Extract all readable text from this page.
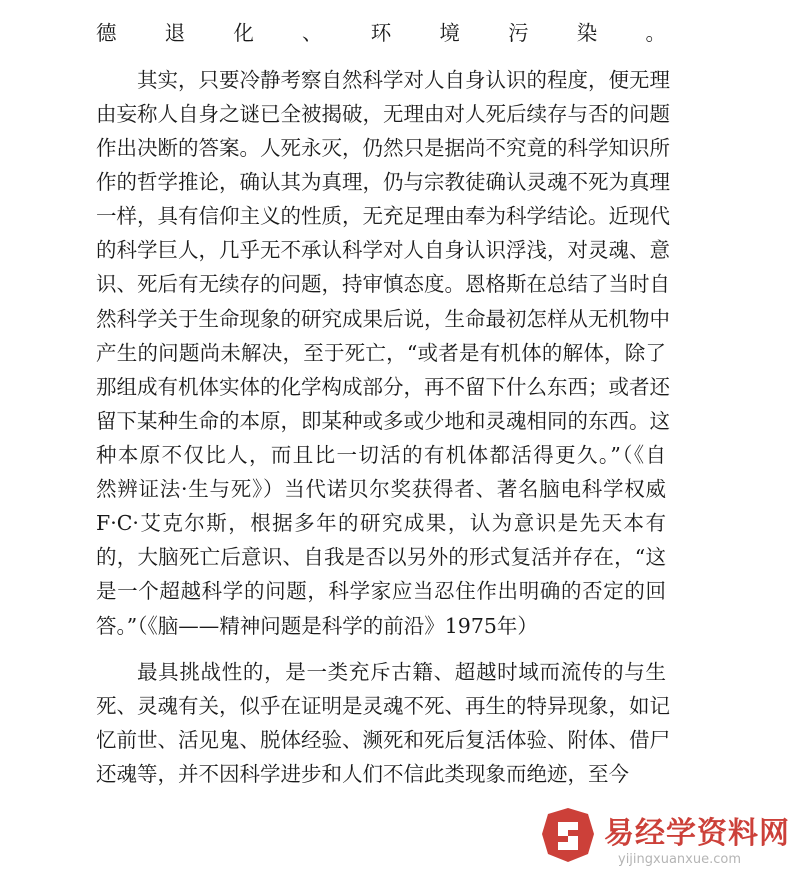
德退化、环境污染。
其实，只要冷静考察自然科学对人自身认识的程度，便无理
由妄称人自身之谜已全被揭破，无理由对人死后续存与否的问题
作出决断的答案。人死永灭，仍然只是据尚不究竟的科学知识所
作的哲学推论，确认其为真理，仍与宗教徒确认灵魂不死为真理
一样，具有信仰主义的性质，无充足理由奉为科学结论。近现代
的科学巨人，几乎无不承认科学对人自身认识浮浅，对灵魂、意
识、死后有无续存的问题，持审慎态度。恩格斯在总结了当时自
然科学关于生命现象的研究成果后说，生命最初怎样从无机物中
产生的问题尚未解决，至于死亡，“或者是有机体的解体，除了
那组成有机体实体的化学构成部分，再不留下什么东西；或者还
留下某种生命的本原，即某种或多或少地和灵魂相同的东西。这
种本原不仅比人，而且比一切活的有机体都活得更久。”（《自
然辨证法·生与死》）当代诺贝尔奖获得者、著名脑电科学权威
F·C·艾克尔斯，根据多年的研究成果，认为意识是先天本有
的，大脑死亡后意识、自我是否以另外的形式复活并存在，“这
是一个超越科学的问题，科学家应当忍住作出明确的否定的回
答。”（《脑——精神问题是科学的前沿》1975年）
最具挑战性的，是一类充斥古籍、超越时域而流传的与生
死、灵魂有关，似乎在证明是灵魂不死、再生的特异现象，如记
忆前世、活见鬼、脱体经验、濒死和死后复活体验、附体、借尸
还魂等，并不因科学进步和人们不信此类现象而绝迹，至今
易经学资料网
yijingxuanxue.com
